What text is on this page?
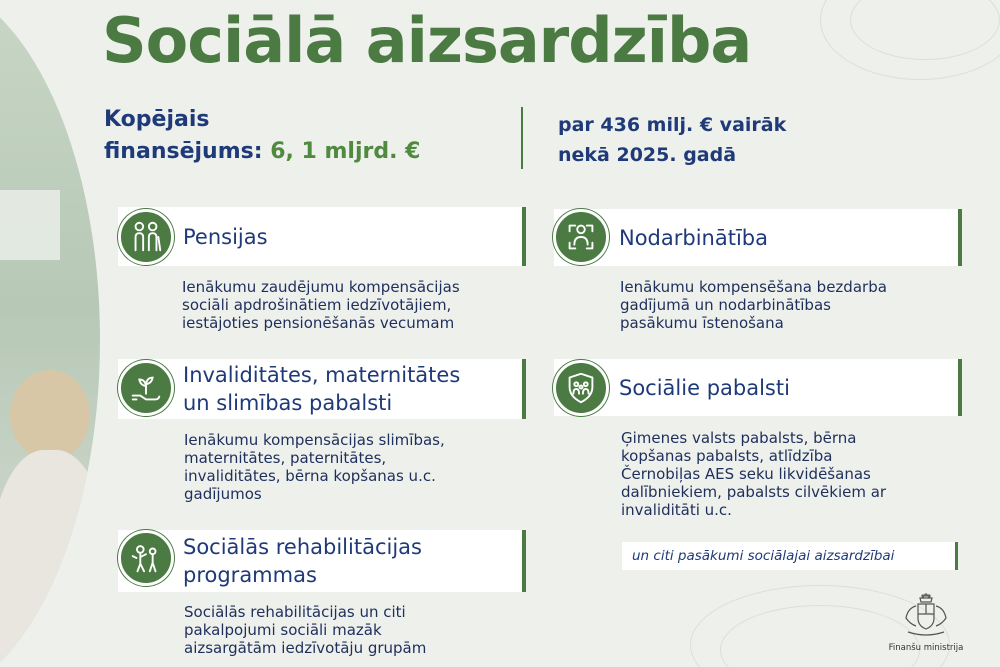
Sociālā aizsardzība
Kopējais
finansējums: 6, 1 mljrd. €
par 436 milj. € vairāk
nekā 2025. gadā
Pensijas
Ienākumu zaudējumu kompensācijas
sociāli apdrošinātiem iedzīvotājiem,
iestājoties pensionēšanās vecumam
Nodarbinātība
Ienākumu kompensēšana bezdarba
gadījumā un nodarbinātības
pasākumu īstenošana
Invaliditātes, maternitātes
un slimības pabalsti
Ienākumu kompensācijas slimības,
maternitātes, paternitātes,
invaliditātes, bērna kopšanas u.c.
gadījumos
Sociālie pabalsti
Ģimenes valsts pabalsts, bērna
kopšanas pabalsts, atlīdzība
Černobiļas AES seku likvidēšanas
dalībniekiem, pabalsts cilvēkiem ar
invaliditāti u.c.
Sociālās rehabilitācijas
programmas
Sociālās rehabilitācijas un citi
pakalpojumi sociāli mazāk
aizsargātām iedzīvotāju grupām
un citi pasākumi sociālajai aizsardzībai
Finanšu ministrija
